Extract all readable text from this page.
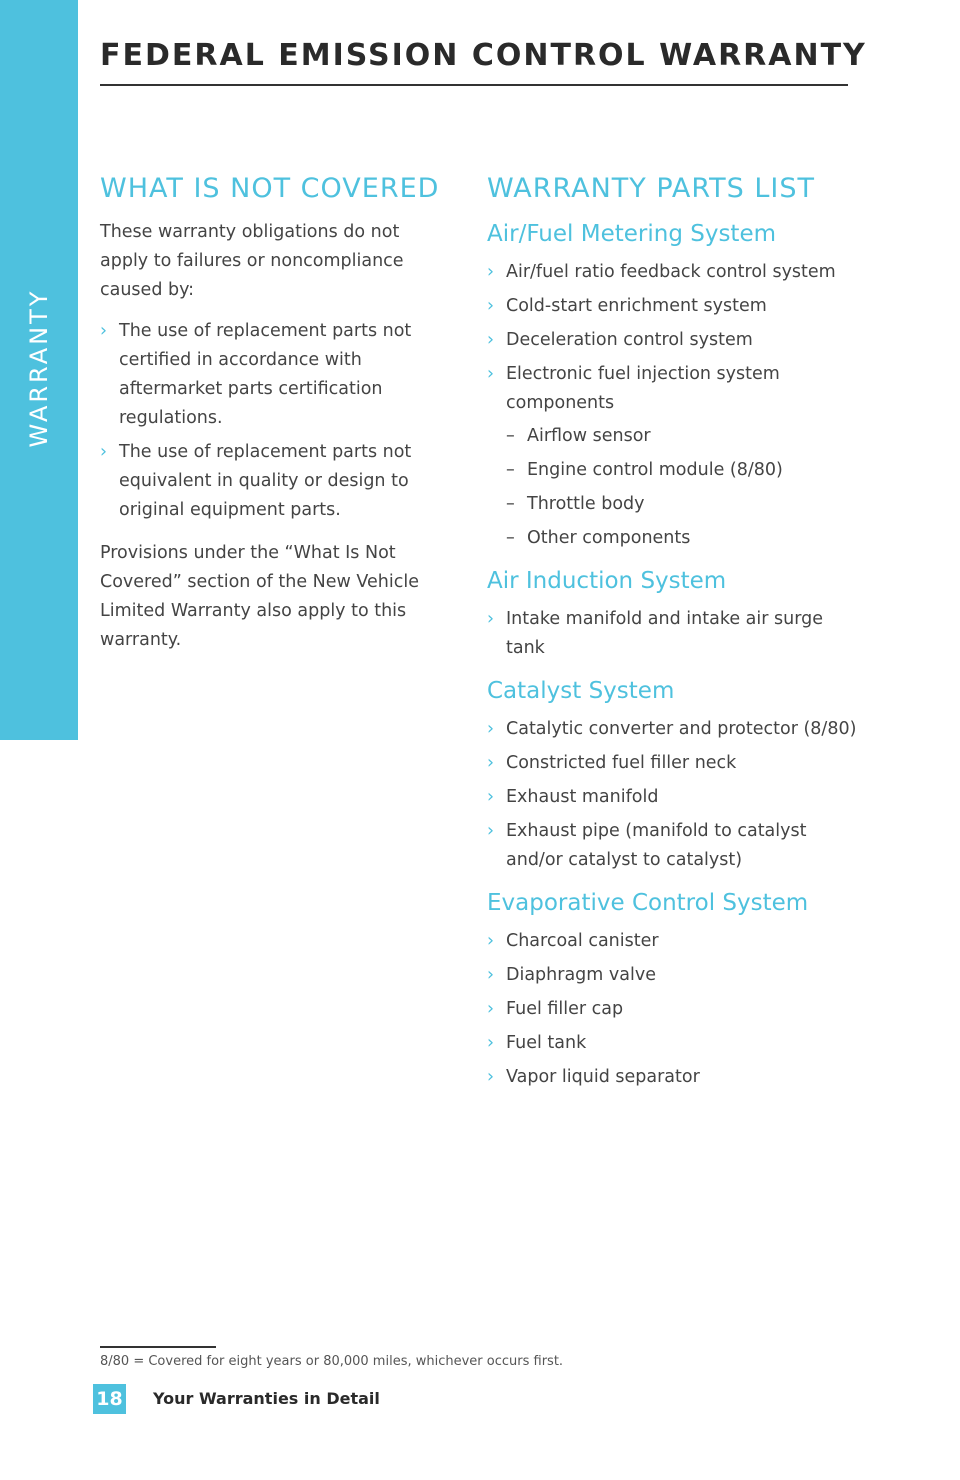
WARRANTY
FEDERAL EMISSION CONTROL WARRANTY
WHAT IS NOT COVERED

These warranty obligations do not apply to failures or noncompliance caused by:

› The use of replacement parts not certified in accordance with aftermarket parts certification regulations.
› The use of replacement parts not equivalent in quality or design to original equipment parts.

Provisions under the “What Is Not Covered” section of the New Vehicle Limited Warranty also apply to this warranty.

WARRANTY PARTS LIST
Air/Fuel Metering System
› Air/fuel ratio feedback control system
› Cold-start enrichment system
› Deceleration control system
› Electronic fuel injection system components
– Airflow sensor
– Engine control module (8/80)
– Throttle body
– Other components
Air Induction System
› Intake manifold and intake air surge tank
Catalyst System
› Catalytic converter and protector (8/80)
› Constricted fuel filler neck
› Exhaust manifold
› Exhaust pipe (manifold to catalyst and/or catalyst to catalyst)
Evaporative Control System
› Charcoal canister
› Diaphragm valve
› Fuel filler cap
› Fuel tank
› Vapor liquid separator
8/80 = Covered for eight years or 80,000 miles, whichever occurs first.
18 Your Warranties in Detail
